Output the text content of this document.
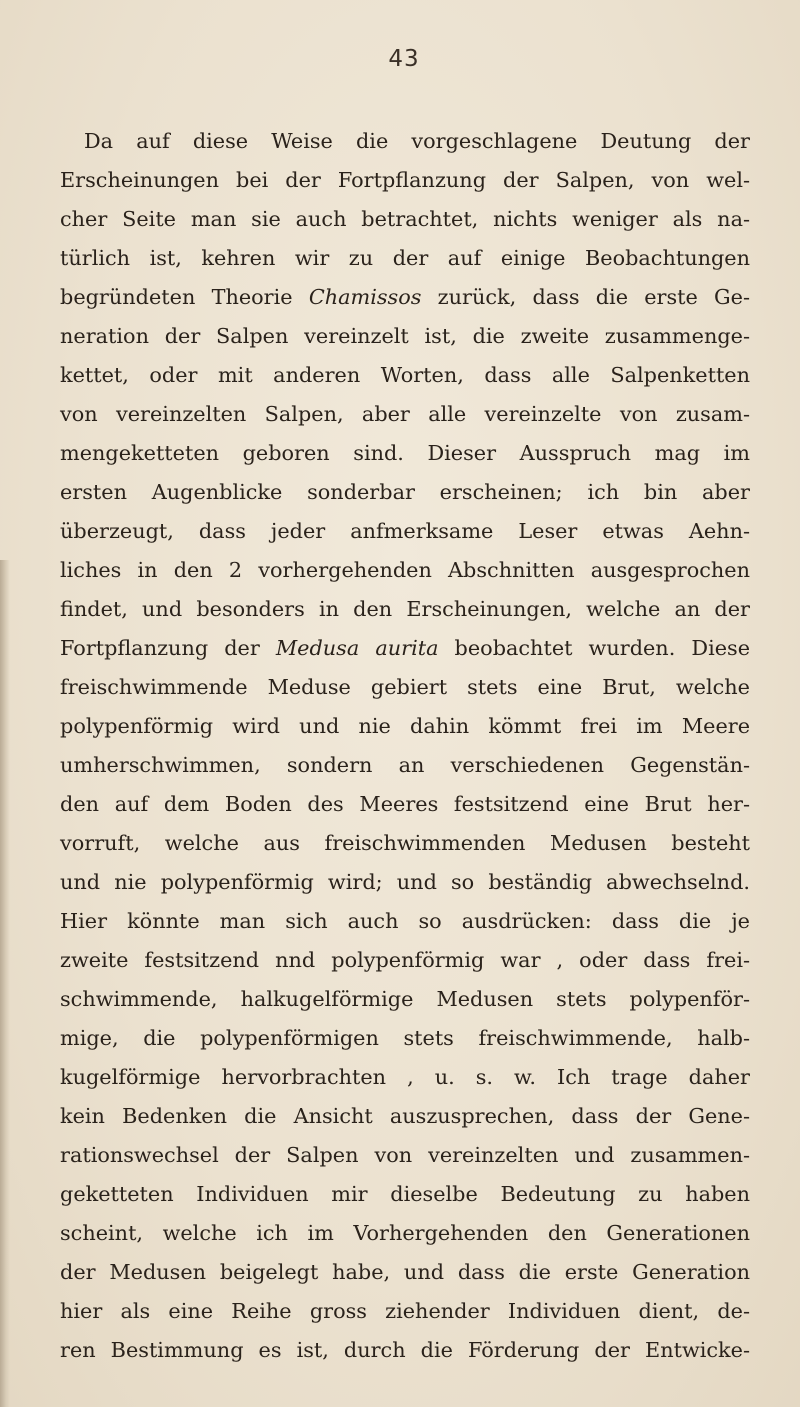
43
Da auf diese Weise die vorgeschlagene Deutung der
Erscheinungen bei der Fortpflanzung der Salpen, von wel-
cher Seite man sie auch betrachtet, nichts weniger als na-
türlich ist, kehren wir zu der auf einige Beobachtungen
begründeten Theorie Chamissos zurück, dass die erste Ge-
neration der Salpen vereinzelt ist, die zweite zusammenge-
kettet, oder mit anderen Worten, dass alle Salpenketten
von vereinzelten Salpen, aber alle vereinzelte von zusam-
mengeketteten geboren sind. Dieser Ausspruch mag im
ersten Augenblicke sonderbar erscheinen; ich bin aber
überzeugt, dass jeder anfmerksame Leser etwas Aehn-
liches in den 2 vorhergehenden Abschnitten ausgesprochen
findet, und besonders in den Erscheinungen, welche an der
Fortpflanzung der Medusa aurita beobachtet wurden. Diese
freischwimmende Meduse gebiert stets eine Brut, welche
polypenförmig wird und nie dahin kömmt frei im Meere
umherschwimmen, sondern an verschiedenen Gegenstän-
den auf dem Boden des Meeres festsitzend eine Brut her-
vorruft, welche aus freischwimmenden Medusen besteht
und nie polypenförmig wird; und so beständig abwechselnd.
Hier könnte man sich auch so ausdrücken: dass die je
zweite festsitzend nnd polypenförmig war , oder dass frei-
schwimmende, halkugelförmige Medusen stets polypenför-
mige, die polypenförmigen stets freischwimmende, halb-
kugelförmige hervorbrachten , u. s. w. Ich trage daher
kein Bedenken die Ansicht auszusprechen, dass der Gene-
rationswechsel der Salpen von vereinzelten und zusammen-
geketteten Individuen mir dieselbe Bedeutung zu haben
scheint, welche ich im Vorhergehenden den Generationen
der Medusen beigelegt habe, und dass die erste Generation
hier als eine Reihe gross ziehender Individuen dient, de-
ren Bestimmung es ist, durch die Förderung der Entwicke-
